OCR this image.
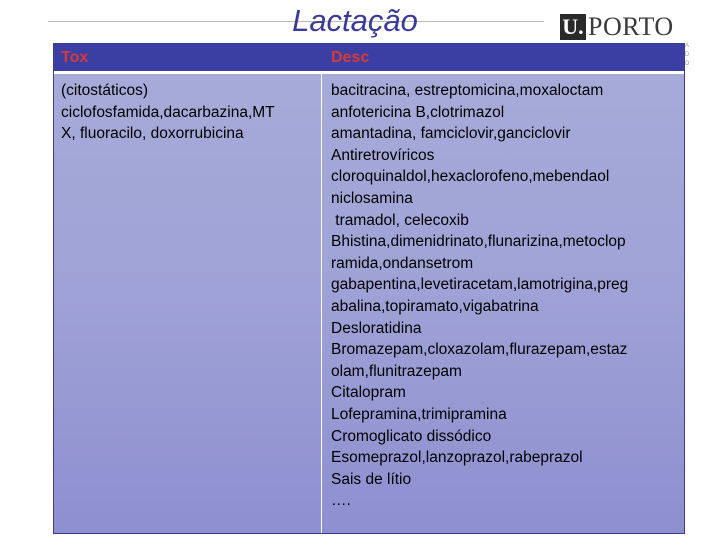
Lactação	U. PORTO
A
D
O
Tox	Desc
(citostáticos)
ciclofosfamida,dacarbazina,MT
X, fluoracilo, doxorrubicina
bacitracina, estreptomicina,moxaloctam
anfotericina B,clotrimazol
amantadina, famciclovir,ganciclovir
Antiretrovíricos
cloroquinaldol,hexaclorofeno,mebendaol
niclosamina
tramadol, celecoxib
Bhistina,dimenidrinato,flunarizina,metoclop
ramida,ondansetrom
gabapentina,levetiracetam,lamotrigina,preg
abalina,topiramato,vigabatrina
Desloratidina
Bromazepam,cloxazolam,flurazepam,estaz
olam,flunitrazepam
Citalopram
Lofepramina,trimipramina
Cromoglicato dissódico
Esomeprazol,lanzoprazol,rabeprazol
Sais de lítio
….
